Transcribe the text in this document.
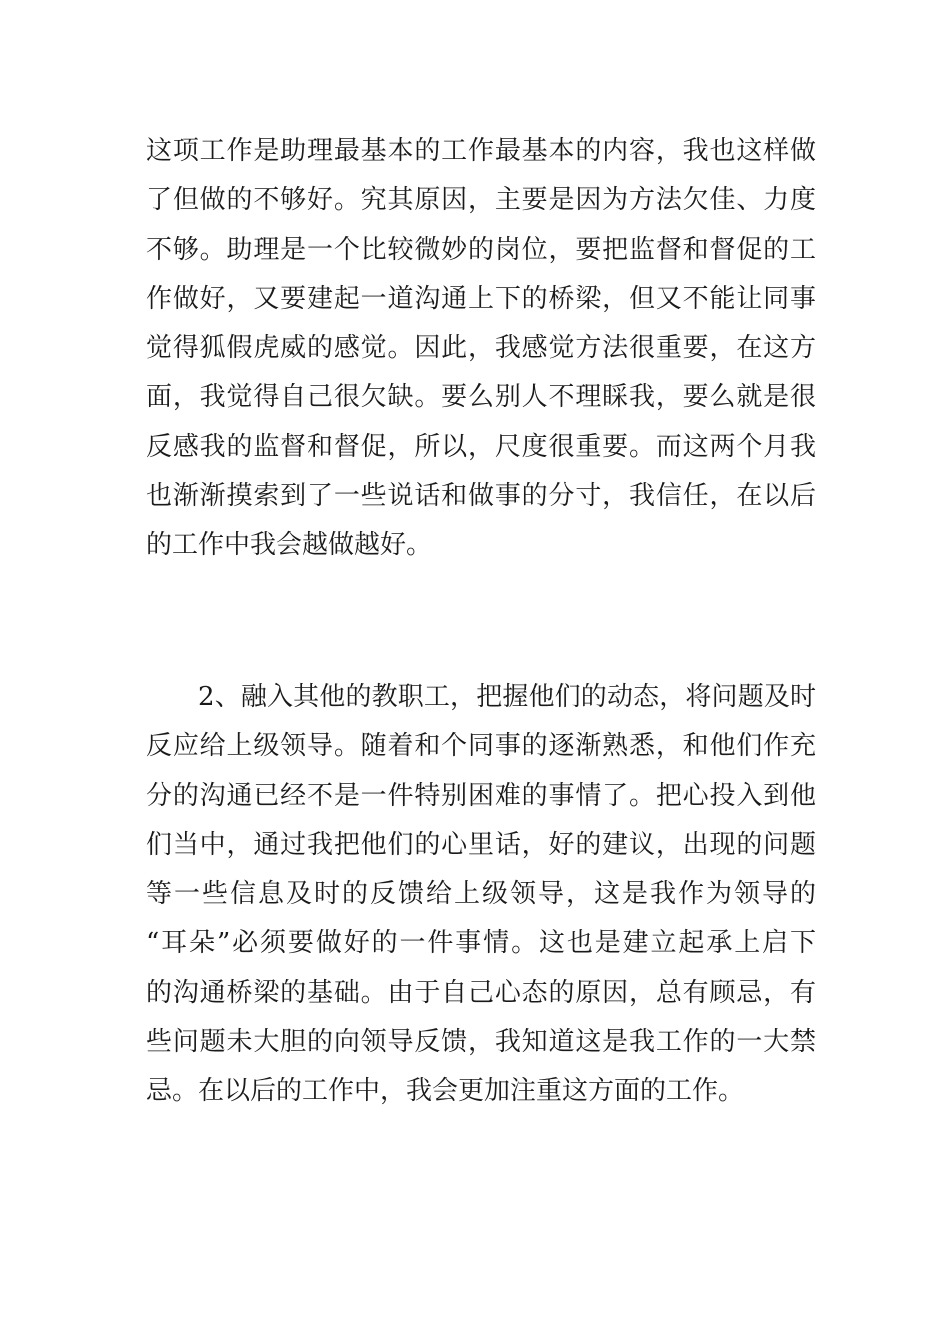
这项工作是助理最基本的工作最基本的内容，我也这样做
了但做的不够好。究其原因，主要是因为方法欠佳、力度
不够。助理是一个比较微妙的岗位，要把监督和督促的工
作做好，又要建起一道沟通上下的桥梁，但又不能让同事
觉得狐假虎威的感觉。因此，我感觉方法很重要，在这方
面，我觉得自己很欠缺。要么别人不理睬我，要么就是很
反感我的监督和督促，所以，尺度很重要。而这两个月我
也渐渐摸索到了一些说话和做事的分寸，我信任，在以后
的工作中我会越做越好。
2、融入其他的教职工，把握他们的动态，将问题及时
反应给上级领导。随着和个同事的逐渐熟悉，和他们作充
分的沟通已经不是一件特别困难的事情了。把心投入到他
们当中，通过我把他们的心里话，好的建议，出现的问题
等一些信息及时的反馈给上级领导，这是我作为领导的
“耳朵”必须要做好的一件事情。这也是建立起承上启下
的沟通桥梁的基础。由于自己心态的原因，总有顾忌，有
些问题未大胆的向领导反馈，我知道这是我工作的一大禁
忌。在以后的工作中，我会更加注重这方面的工作。
